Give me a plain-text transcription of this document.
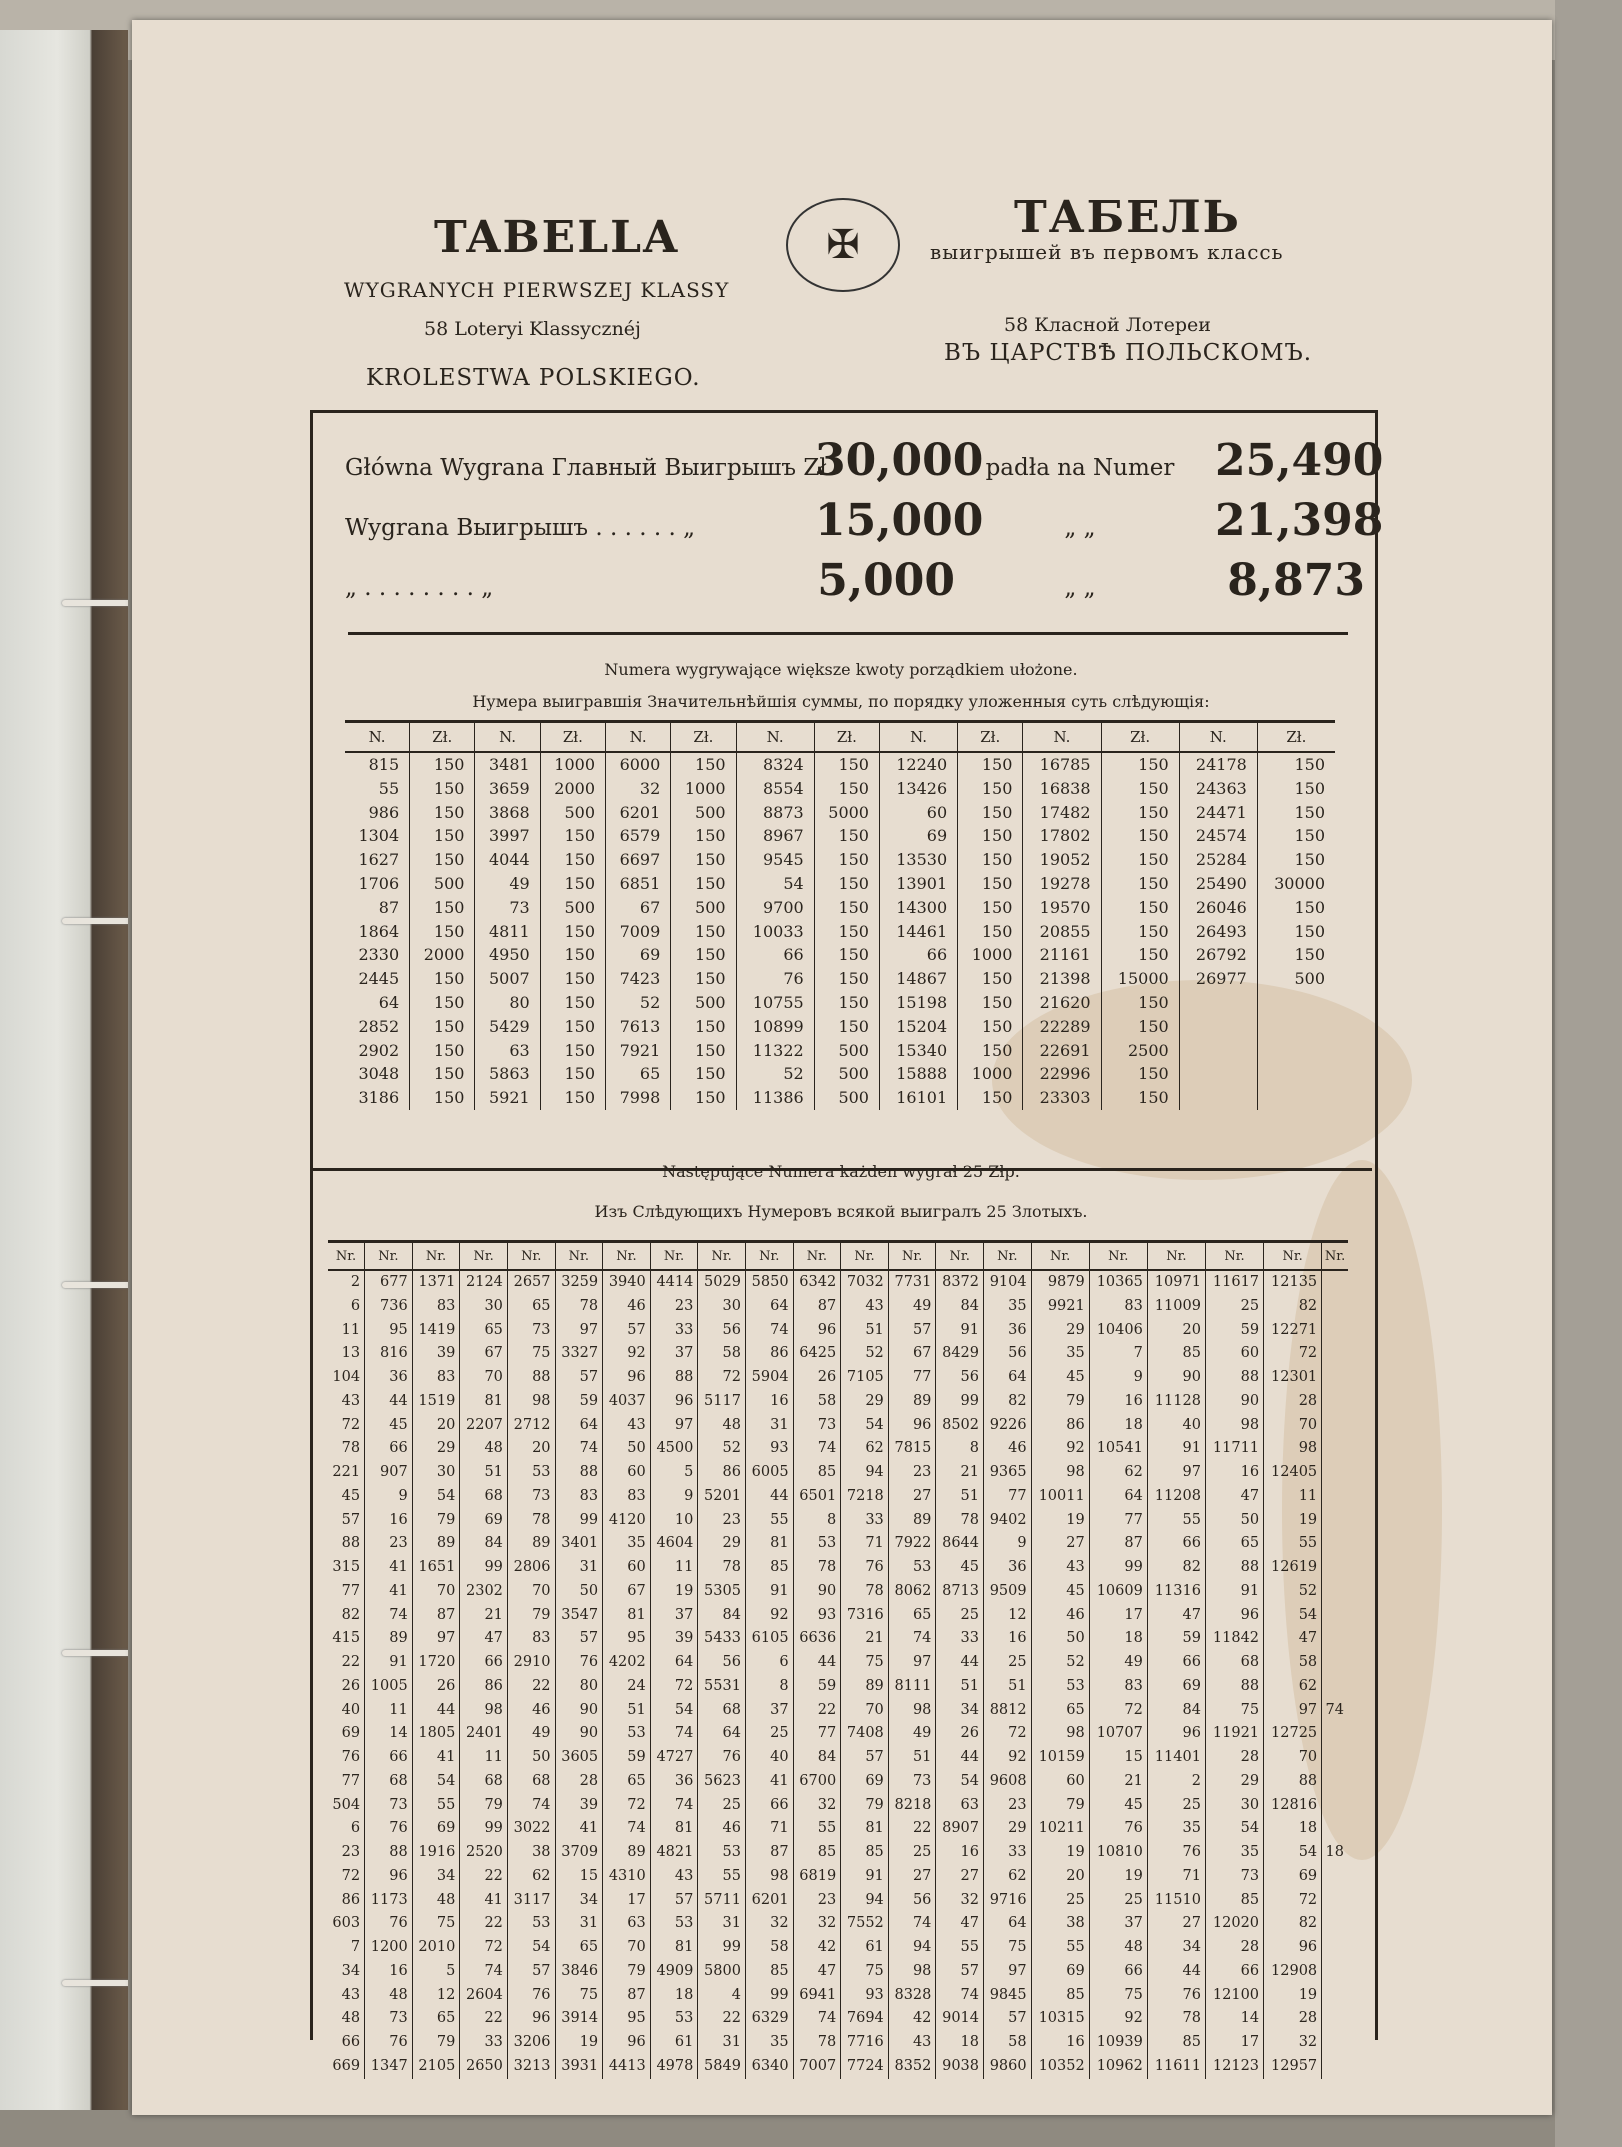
TABELLA
WYGRANYCH PIERWSZEJ KLASSY
58 Loteryi Klassycznéj
KROLESTWA POLSKIEGO.
✠
ТАБЕЛЬ
выигрышей въ первомъ классь
58 Класной Лотереи
ВЪ ЦАРСТВѢ ПОЛЬСКОМЪ.
Główna Wygrana Главный Выигрышъ Zł.
30,000 padła na Numer 25,490
Wygrana Выигрышъ . . . . . . „	15,000	„ „	21,398
„ . . . . . . . . „	5,000	„ „	8,873
Numera wygrywające większe kwoty porządkiem ułożone.
Нумера выигравшія Значительнѣйшія суммы, по порядку уложенныя суть слѣдующія:
N.	Zł.	N.	Zł.	N.	Zł.	N.	Zł.	N.	Zł.	N.	Zł.	N.	Zł.
815	150	3481	1000	6000	150	8324	150	12240	150	16785	150	24178	150
55	150	3659	2000	32	1000	8554	150	13426	150	16838	150	24363	150
986	150	3868	500	6201	500	8873	5000	60	150	17482	150	24471	150
1304	150	3997	150	6579	150	8967	150	69	150	17802	150	24574	150
1627	150	4044	150	6697	150	9545	150	13530	150	19052	150	25284	150
1706	500	49	150	6851	150	54	150	13901	150	19278	150	25490	30000
87	150	73	500	67	500	9700	150	14300	150	19570	150	26046	150
1864	150	4811	150	7009	150	10033	150	14461	150	20855	150	26493	150
2330	2000	4950	150	69	150	66	150	66	1000	21161	150	26792	150
2445	150	5007	150	7423	150	76	150	14867	150	21398	15000	26977	500
64	150	80	150	52	500	10755	150	15198	150	21620	150		
2852	150	5429	150	7613	150	10899	150	15204	150	22289	150		
2902	150	63	150	7921	150	11322	500	15340	150	22691	2500		
3048	150	5863	150	65	150	52	500	15888	1000	22996	150		
3186	150	5921	150	7998	150	11386	500	16101	150	23303	150		
Następujące Numera każden wygrał 25 Złp.
Изъ Слѣдующихъ Нумеровъ всякой выигралъ 25 Злотыхъ.
Nr.	Nr.	Nr.	Nr.	Nr.	Nr.	Nr.	Nr.	Nr.	Nr.	Nr.	Nr.	Nr.	Nr.	Nr.	Nr.	Nr.	Nr.	Nr.	Nr.	Nr.
2	677	1371	2124	2657	3259	3940	4414	5029	5850	6342	7032	7731	8372	9104	9879	10365	10971	11617	12135	
6	736	83	30	65	78	46	23	30	64	87	43	49	84	35	9921	83	11009	25	82	
11	95	1419	65	73	97	57	33	56	74	96	51	57	91	36	29	10406	20	59	12271	
13	816	39	67	75	3327	92	37	58	86	6425	52	67	8429	56	35	7	85	60	72	
104	36	83	70	88	57	96	88	72	5904	26	7105	77	56	64	45	9	90	88	12301	
43	44	1519	81	98	59	4037	96	5117	16	58	29	89	99	82	79	16	11128	90	28	
72	45	20	2207	2712	64	43	97	48	31	73	54	96	8502	9226	86	18	40	98	70	
78	66	29	48	20	74	50	4500	52	93	74	62	7815	8	46	92	10541	91	11711	98	
221	907	30	51	53	88	60	5	86	6005	85	94	23	21	9365	98	62	97	16	12405	
45	9	54	68	73	83	83	9	5201	44	6501	7218	27	51	77	10011	64	11208	47	11	
57	16	79	69	78	99	4120	10	23	55	8	33	89	78	9402	19	77	55	50	19	
88	23	89	84	89	3401	35	4604	29	81	53	71	7922	8644	9	27	87	66	65	55	
315	41	1651	99	2806	31	60	11	78	85	78	76	53	45	36	43	99	82	88	12619	
77	41	70	2302	70	50	67	19	5305	91	90	78	8062	8713	9509	45	10609	11316	91	52	
82	74	87	21	79	3547	81	37	84	92	93	7316	65	25	12	46	17	47	96	54	
415	89	97	47	83	57	95	39	5433	6105	6636	21	74	33	16	50	18	59	11842	47	
22	91	1720	66	2910	76	4202	64	56	6	44	75	97	44	25	52	49	66	68	58	
26	1005	26	86	22	80	24	72	5531	8	59	89	8111	51	51	53	83	69	88	62	
40	11	44	98	46	90	51	54	68	37	22	70	98	34	8812	65	72	84	75	97	74
69	14	1805	2401	49	90	53	74	64	25	77	7408	49	26	72	98	10707	96	11921	12725	
76	66	41	11	50	3605	59	4727	76	40	84	57	51	44	92	10159	15	11401	28	70	
77	68	54	68	68	28	65	36	5623	41	6700	69	73	54	9608	60	21	2	29	88	
504	73	55	79	74	39	72	74	25	66	32	79	8218	63	23	79	45	25	30	12816	
6	76	69	99	3022	41	74	81	46	71	55	81	22	8907	29	10211	76	35	54	18	
23	88	1916	2520	38	3709	89	4821	53	87	85	85	25	16	33	19	10810	76	35	54	18
72	96	34	22	62	15	4310	43	55	98	6819	91	27	27	62	20	19	71	73	69	
86	1173	48	41	3117	34	17	57	5711	6201	23	94	56	32	9716	25	25	11510	85	72	
603	76	75	22	53	31	63	53	31	32	32	7552	74	47	64	38	37	27	12020	82	
7	1200	2010	72	54	65	70	81	99	58	42	61	94	55	75	55	48	34	28	96	
34	16	5	74	57	3846	79	4909	5800	85	47	75	98	57	97	69	66	44	66	12908	
43	48	12	2604	76	75	87	18	4	99	6941	93	8328	74	9845	85	75	76	12100	19	
48	73	65	22	96	3914	95	53	22	6329	74	7694	42	9014	57	10315	92	78	14	28	
66	76	79	33	3206	19	96	61	31	35	78	7716	43	18	58	16	10939	85	17	32	
669	1347	2105	2650	3213	3931	4413	4978	5849	6340	7007	7724	8352	9038	9860	10352	10962	11611	12123	12957	
